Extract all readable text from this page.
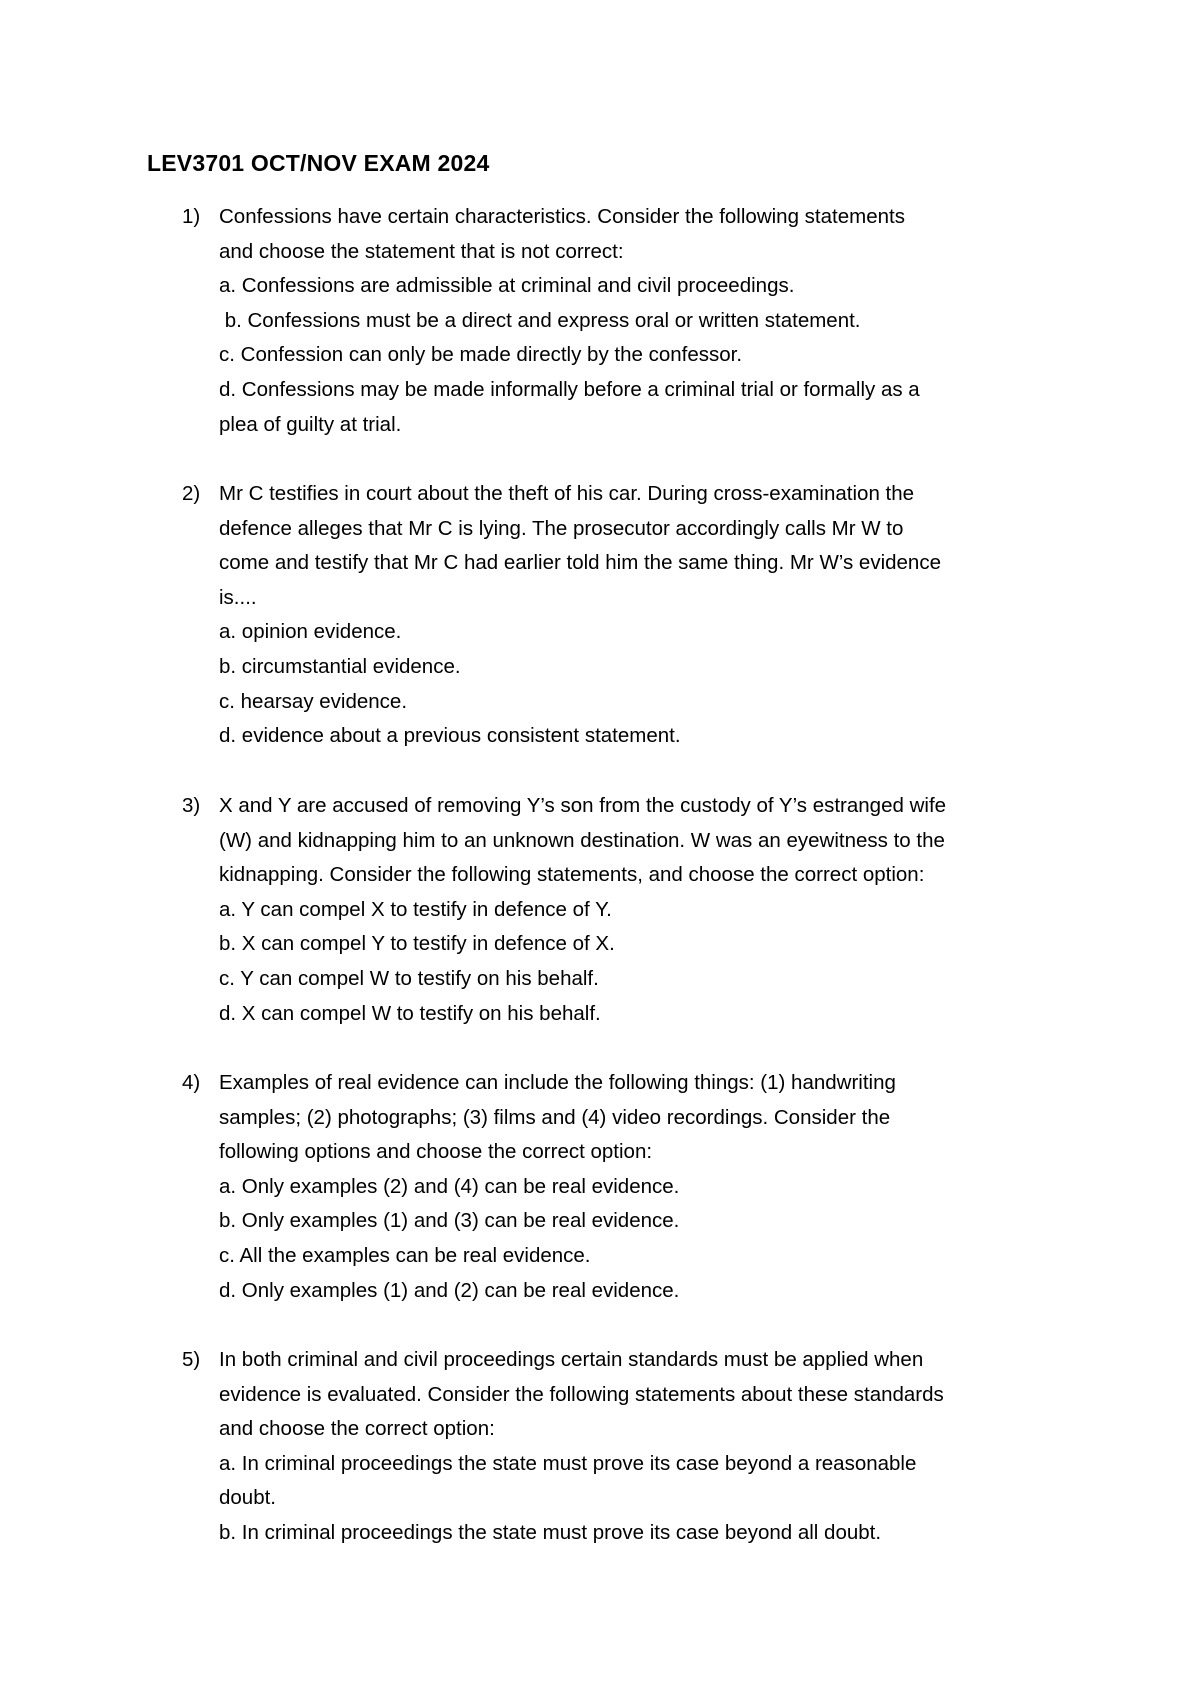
LEV3701 OCT/NOV EXAM 2024
1) Confessions have certain characteristics. Consider the following statements
and choose the statement that is not correct:
a. Confessions are admissible at criminal and civil proceedings.
b. Confessions must be a direct and express oral or written statement.
c. Confession can only be made directly by the confessor.
d. Confessions may be made informally before a criminal trial or formally as a
plea of guilty at trial.
2) Mr C testifies in court about the theft of his car. During cross-examination the
defence alleges that Mr C is lying. The prosecutor accordingly calls Mr W to
come and testify that Mr C had earlier told him the same thing. Mr W’s evidence
is....
a. opinion evidence.
b. circumstantial evidence.
c. hearsay evidence.
d. evidence about a previous consistent statement.
3) X and Y are accused of removing Y’s son from the custody of Y’s estranged wife
(W) and kidnapping him to an unknown destination. W was an eyewitness to the
kidnapping. Consider the following statements, and choose the correct option:
a. Y can compel X to testify in defence of Y.
b. X can compel Y to testify in defence of X.
c. Y can compel W to testify on his behalf.
d. X can compel W to testify on his behalf.
4) Examples of real evidence can include the following things: (1) handwriting
samples; (2) photographs; (3) films and (4) video recordings. Consider the
following options and choose the correct option:
a. Only examples (2) and (4) can be real evidence.
b. Only examples (1) and (3) can be real evidence.
c. All the examples can be real evidence.
d. Only examples (1) and (2) can be real evidence.
5) In both criminal and civil proceedings certain standards must be applied when
evidence is evaluated. Consider the following statements about these standards
and choose the correct option:
a. In criminal proceedings the state must prove its case beyond a reasonable
doubt.
b. In criminal proceedings the state must prove its case beyond all doubt.
